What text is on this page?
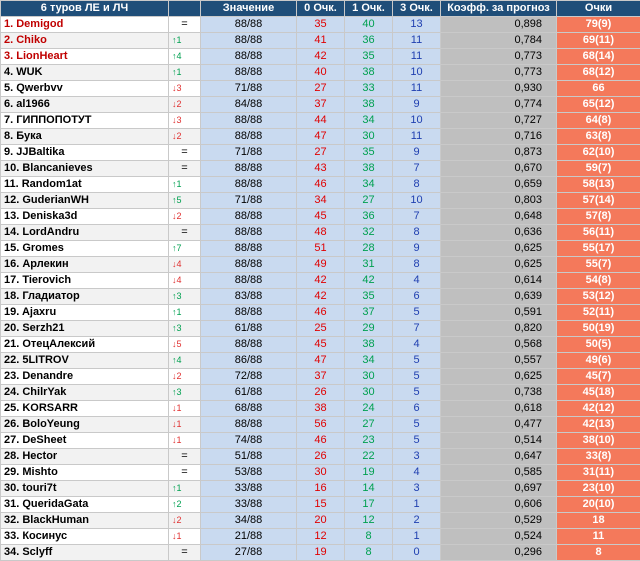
6 туров ЛЕ и ЛЧ		Значение	0 Очк.	1 Очк.	3 Очк.	Коэфф. за прогноз	Очки
1. Demigod	=	88/88	35	40	13	0,898	79(9)
2. Chiko	↑1	88/88	41	36	11	0,784	69(11)
3. LionHeart	↑4	88/88	42	35	11	0,773	68(14)
4. WUK	↑1	88/88	40	38	10	0,773	68(12)
5. Qwerbvv	↓3	71/88	27	33	11	0,930	66
6. al1966	↓2	84/88	37	38	9	0,774	65(12)
7. ГИППОПОТУТ	↓3	88/88	44	34	10	0,727	64(8)
8. Бука	↓2	88/88	47	30	11	0,716	63(8)
9. JJBaltika	=	71/88	27	35	9	0,873	62(10)
10. Blancanieves	=	88/88	43	38	7	0,670	59(7)
11. Random1at	↑1	88/88	46	34	8	0,659	58(13)
12. GuderianWH	↑5	71/88	34	27	10	0,803	57(14)
13. Deniska3d	↓2	88/88	45	36	7	0,648	57(8)
14. LordAndru	=	88/88	48	32	8	0,636	56(11)
15. Gromes	↑7	88/88	51	28	9	0,625	55(17)
16. Арлекин	↓4	88/88	49	31	8	0,625	55(7)
17. Tierovich	↓4	88/88	42	42	4	0,614	54(8)
18. Гладиатор	↑3	83/88	42	35	6	0,639	53(12)
19. Ajaxru	↑1	88/88	46	37	5	0,591	52(11)
20. Serzh21	↑3	61/88	25	29	7	0,820	50(19)
21. ОтецАлексий	↓5	88/88	45	38	4	0,568	50(5)
22. 5LITROV	↑4	86/88	47	34	5	0,557	49(6)
23. Denandre	↓2	72/88	37	30	5	0,625	45(7)
24. ChilrYak	↑3	61/88	26	30	5	0,738	45(18)
25. KORSARR	↓1	68/88	38	24	6	0,618	42(12)
26. BoloYeung	↓1	88/88	56	27	5	0,477	42(13)
27. DeSheet	↓1	74/88	46	23	5	0,514	38(10)
28. Hector	=	51/88	26	22	3	0,647	33(8)
29. Mishto	=	53/88	30	19	4	0,585	31(11)
30. touri7t	↑1	33/88	16	14	3	0,697	23(10)
31. QueridaGata	↑2	33/88	15	17	1	0,606	20(10)
32. BlackHuman	↓2	34/88	20	12	2	0,529	18
33. Косинус	↓1	21/88	12	8	1	0,524	11
34. Sclyff	=	27/88	19	8	0	0,296	8
